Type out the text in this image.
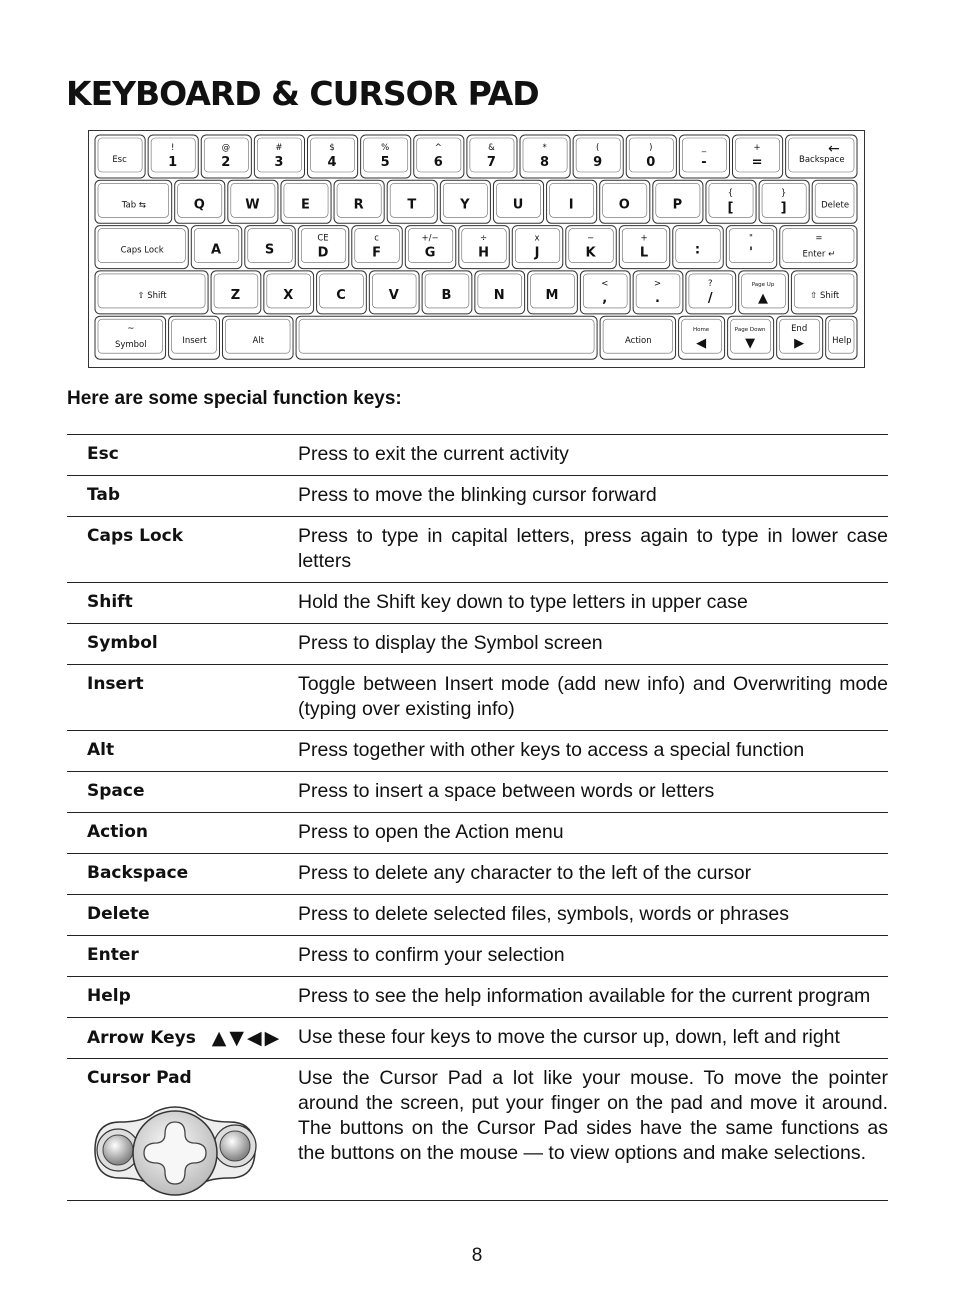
KEYBOARD & CURSOR PAD
Esc
!
1
@
2
#
3
$
4
%
5
^
6
&
7
*
8
(
9
)
0
_
-
+
=	Backspace
←
Tab ⇆	Q	W	E	R	T	Y	U	I	O	P
{
[
}
]	Delete
Caps Lock	A	S
CE
D
c
F
+/−
G
÷
H
x
J
−
K
+
L	:
"
'
=
Enter ↵
⇧ Shift	Z	X	C	V	B	N	M
<
,
>
.
?
/
Page Up
▲	⇧ Shift
~
Symbol	Insert	Alt	Action
Home
◀
Page Down
▼
End
▶	Help

Here are some special function keys:

Esc	Press to exit the current activity
Tab	Press to move the blinking cursor forward
Caps Lock	Press to type in capital letters, press again to type in lower case letters
Shift	Hold the Shift key down to type letters in upper case
Symbol	Press to display the Symbol screen
Insert	Toggle between Insert mode (add new info) and Overwriting mode (typing over existing info)
Alt	Press together with other keys to access a special function
Space	Press to insert a space between words or letters
Action	Press to open the Action menu
Backspace	Press to delete any character to the left of the cursor
Delete	Press to delete selected files, symbols, words or phrases
Enter	Press to confirm your selection
Help	Press to see the help information available for the current program
Arrow Keys ▲▼◀▶ Use these four keys to move the cursor up, down, left and right
Cursor Pad	Use the Cursor Pad a lot like your mouse. To move the pointer around the screen, put your finger on the pad and move it around. The buttons on the Cursor Pad sides have the same functions as the buttons on the mouse — to view options and make selections.

8
